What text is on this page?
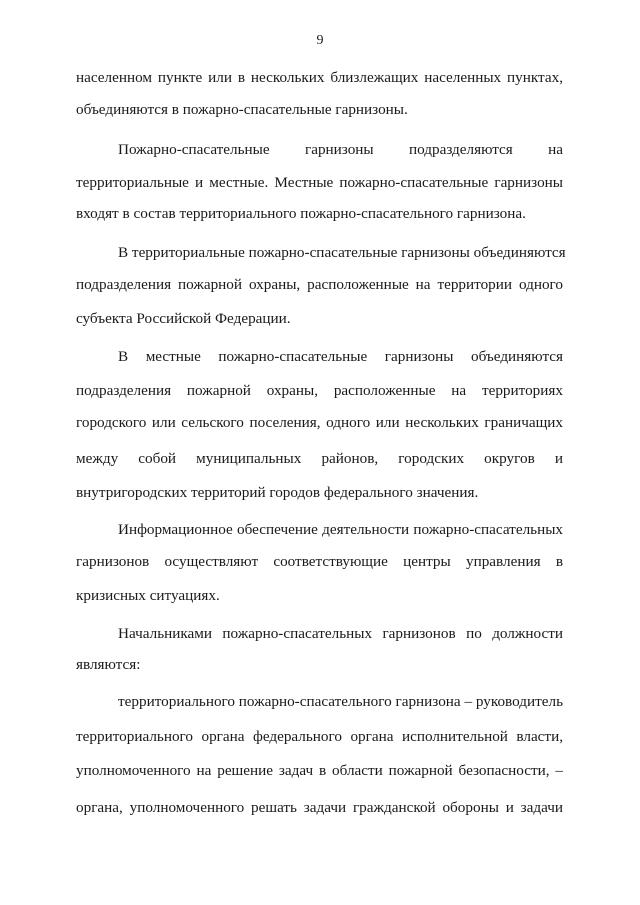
9
населенном пункте или в нескольких близлежащих населенных пунктах,
объединяются в пожарно-спасательные гарнизоны.
Пожарно-спасательные гарнизоны подразделяются на
территориальные и местные. Местные пожарно-спасательные гарнизоны
входят в состав территориального пожарно-спасательного гарнизона.
В территориальные пожарно-спасательные гарнизоны объединяются
подразделения пожарной охраны, расположенные на территории одного
субъекта Российской Федерации.
В местные пожарно-спасательные гарнизоны объединяются
подразделения пожарной охраны, расположенные на территориях
городского или сельского поселения, одного или нескольких граничащих
между собой муниципальных районов, городских округов и
внутригородских территорий городов федерального значения.
Информационное обеспечение деятельности пожарно-спасательных
гарнизонов осуществляют соответствующие центры управления в
кризисных ситуациях.
Начальниками пожарно-спасательных гарнизонов по должности
являются:
территориального пожарно-спасательного гарнизона – руководитель
территориального органа федерального органа исполнительной власти,
уполномоченного на решение задач в области пожарной безопасности, –
органа, уполномоченного решать задачи гражданской обороны и задачи
